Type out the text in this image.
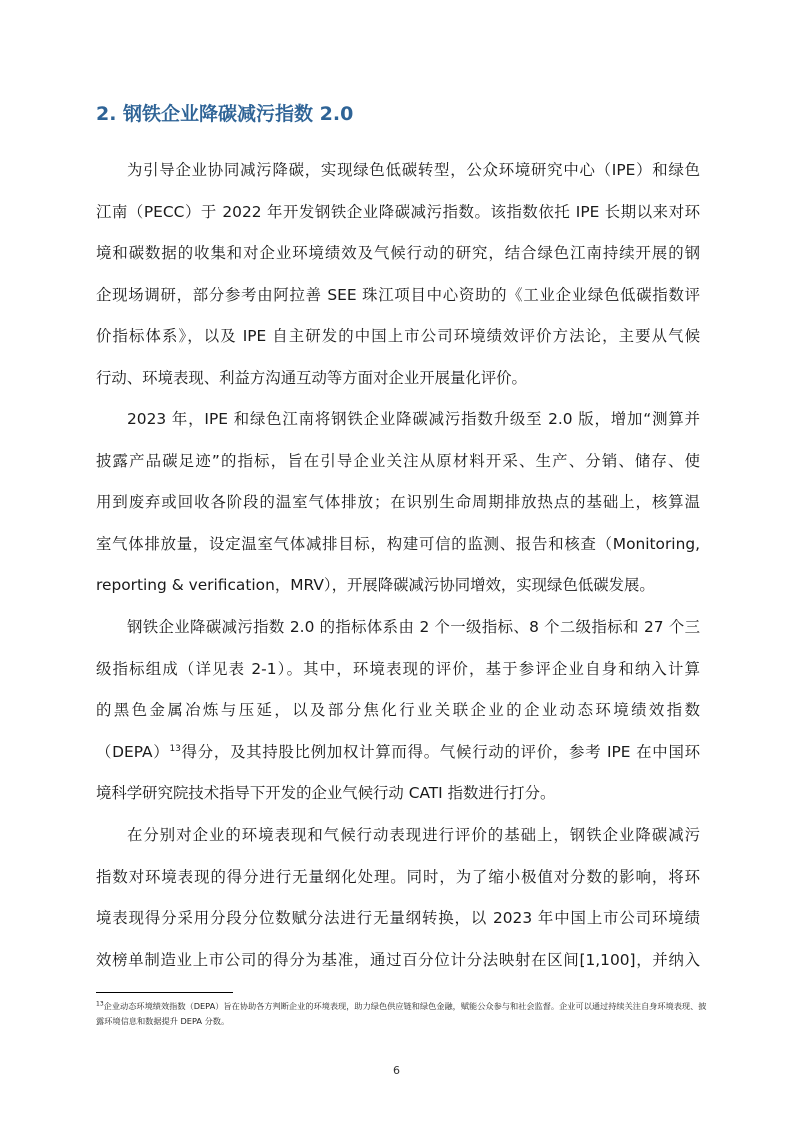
2. 钢铁企业降碳减污指数 2.0
为引导企业协同减污降碳，实现绿色低碳转型，公众环境研究中心（IPE）和绿色
江南（PECC）于 2022 年开发钢铁企业降碳减污指数。该指数依托 IPE 长期以来对环
境和碳数据的收集和对企业环境绩效及气候行动的研究，结合绿色江南持续开展的钢
企现场调研，部分参考由阿拉善 SEE 珠江项目中心资助的《工业企业绿色低碳指数评
价指标体系》，以及 IPE 自主研发的中国上市公司环境绩效评价方法论，主要从气候
行动、环境表现、利益方沟通互动等方面对企业开展量化评价。
2023 年，IPE 和绿色江南将钢铁企业降碳减污指数升级至 2.0 版，增加“测算并
披露产品碳足迹”的指标，旨在引导企业关注从原材料开采、生产、分销、储存、使
用到废弃或回收各阶段的温室气体排放；在识别生命周期排放热点的基础上，核算温
室气体排放量，设定温室气体减排目标，构建可信的监测、报告和核查（Monitoring,
reporting & verification，MRV），开展降碳减污协同增效，实现绿色低碳发展。
钢铁企业降碳减污指数 2.0 的指标体系由 2 个一级指标、8 个二级指标和 27 个三
级指标组成（详见表 2-1）。其中，环境表现的评价，基于参评企业自身和纳入计算
的黑色金属冶炼与压延，以及部分焦化行业关联企业的企业动态环境绩效指数
（DEPA）$^{13}$得分，及其持股比例加权计算而得。气候行动的评价，参考 IPE 在中国环
境科学研究院技术指导下开发的企业气候行动 CATI 指数进行打分。
在分别对企业的环境表现和气候行动表现进行评价的基础上，钢铁企业降碳减污
指数对环境表现的得分进行无量纲化处理。同时，为了缩小极值对分数的影响，将环
境表现得分采用分段分位数赋分法进行无量纲转换，以 2023 年中国上市公司环境绩
效榜单制造业上市公司的得分为基准，通过百分位计分法映射在区间[1,100]，并纳入
$^{13}$企业动态环境绩效指数（DEPA）旨在协助各方判断企业的环境表现，助力绿色供应链和绿色金融，赋能公众参与和社会监督。企业可以通过持续关注自身环境表现、披
露环境信息和数据提升 DEPA 分数。
6
